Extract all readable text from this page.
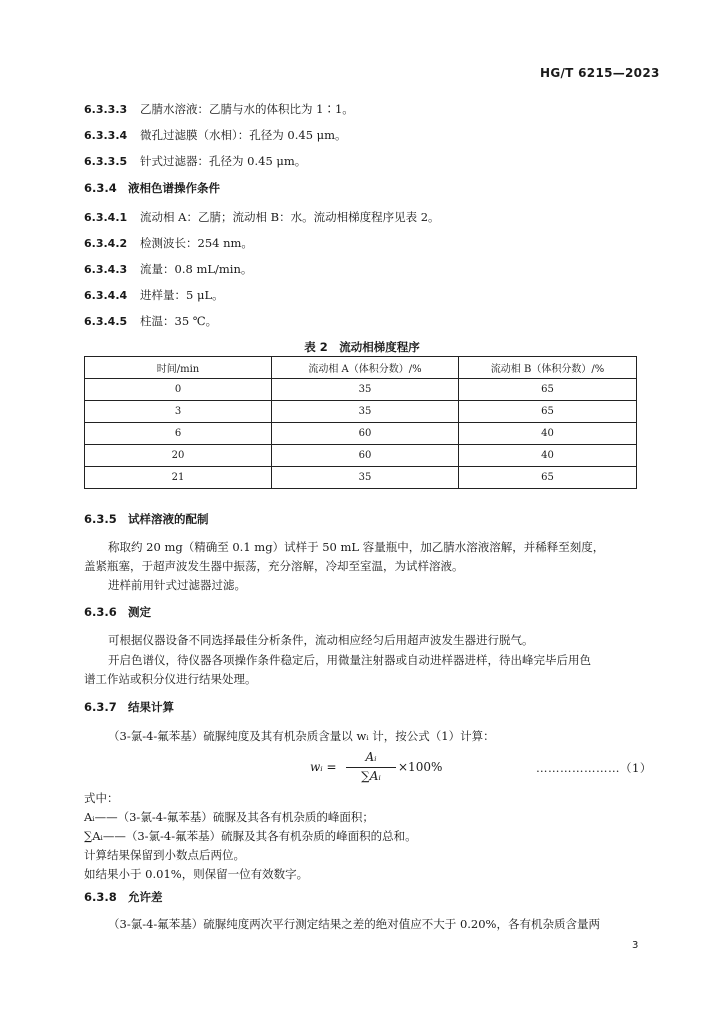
HG/T 6215—2023
6.3.3.3 乙腈水溶液：乙腈与水的体积比为 1∶1。
6.3.3.4 微孔过滤膜（水相）：孔径为 0.45 μm。
6.3.3.5 针式过滤器：孔径为 0.45 μm。
6.3.4 液相色谱操作条件
6.3.4.1 流动相 A：乙腈；流动相 B：水。流动相梯度程序见表 2。
6.3.4.2 检测波长：254 nm。
6.3.4.3 流量：0.8 mL/min。
6.3.4.4 进样量：5 μL。
6.3.4.5 柱温：35 ℃。
表 2　流动相梯度程序
时间/min	流动相 A（体积分数）/%	流动相 B（体积分数）/%
0	35	65
3	35	65
6	60	40
20	60	40
21	35	65
6.3.5 试样溶液的配制
称取约 20 mg（精确至 0.1 mg）试样于 50 mL 容量瓶中，加乙腈水溶液溶解，并稀释至刻度，
盖紧瓶塞，于超声波发生器中振荡，充分溶解，冷却至室温，为试样溶液。
进样前用针式过滤器过滤。
6.3.6 测定
可根据仪器设备不同选择最佳分析条件，流动相应经匀后用超声波发生器进行脱气。
开启色谱仪，待仪器各项操作条件稳定后，用微量注射器或自动进样器进样，待出峰完毕后用色
谱工作站或积分仪进行结果处理。
6.3.7 结果计算
（3-氯-4-氟苯基）硫脲纯度及其有机杂质含量以 wᵢ 计，按公式（1）计算：
wᵢ =
Aᵢ
∑Aᵢ
×100%	…………………（1）
式中：
Aᵢ——（3-氯-4-氟苯基）硫脲及其各有机杂质的峰面积；
∑Aᵢ——（3-氯-4-氟苯基）硫脲及其各有机杂质的峰面积的总和。
计算结果保留到小数点后两位。
如结果小于 0.01%，则保留一位有效数字。
6.3.8 允许差
（3-氯-4-氟苯基）硫脲纯度两次平行测定结果之差的绝对值应不大于 0.20%，各有机杂质含量两
3
